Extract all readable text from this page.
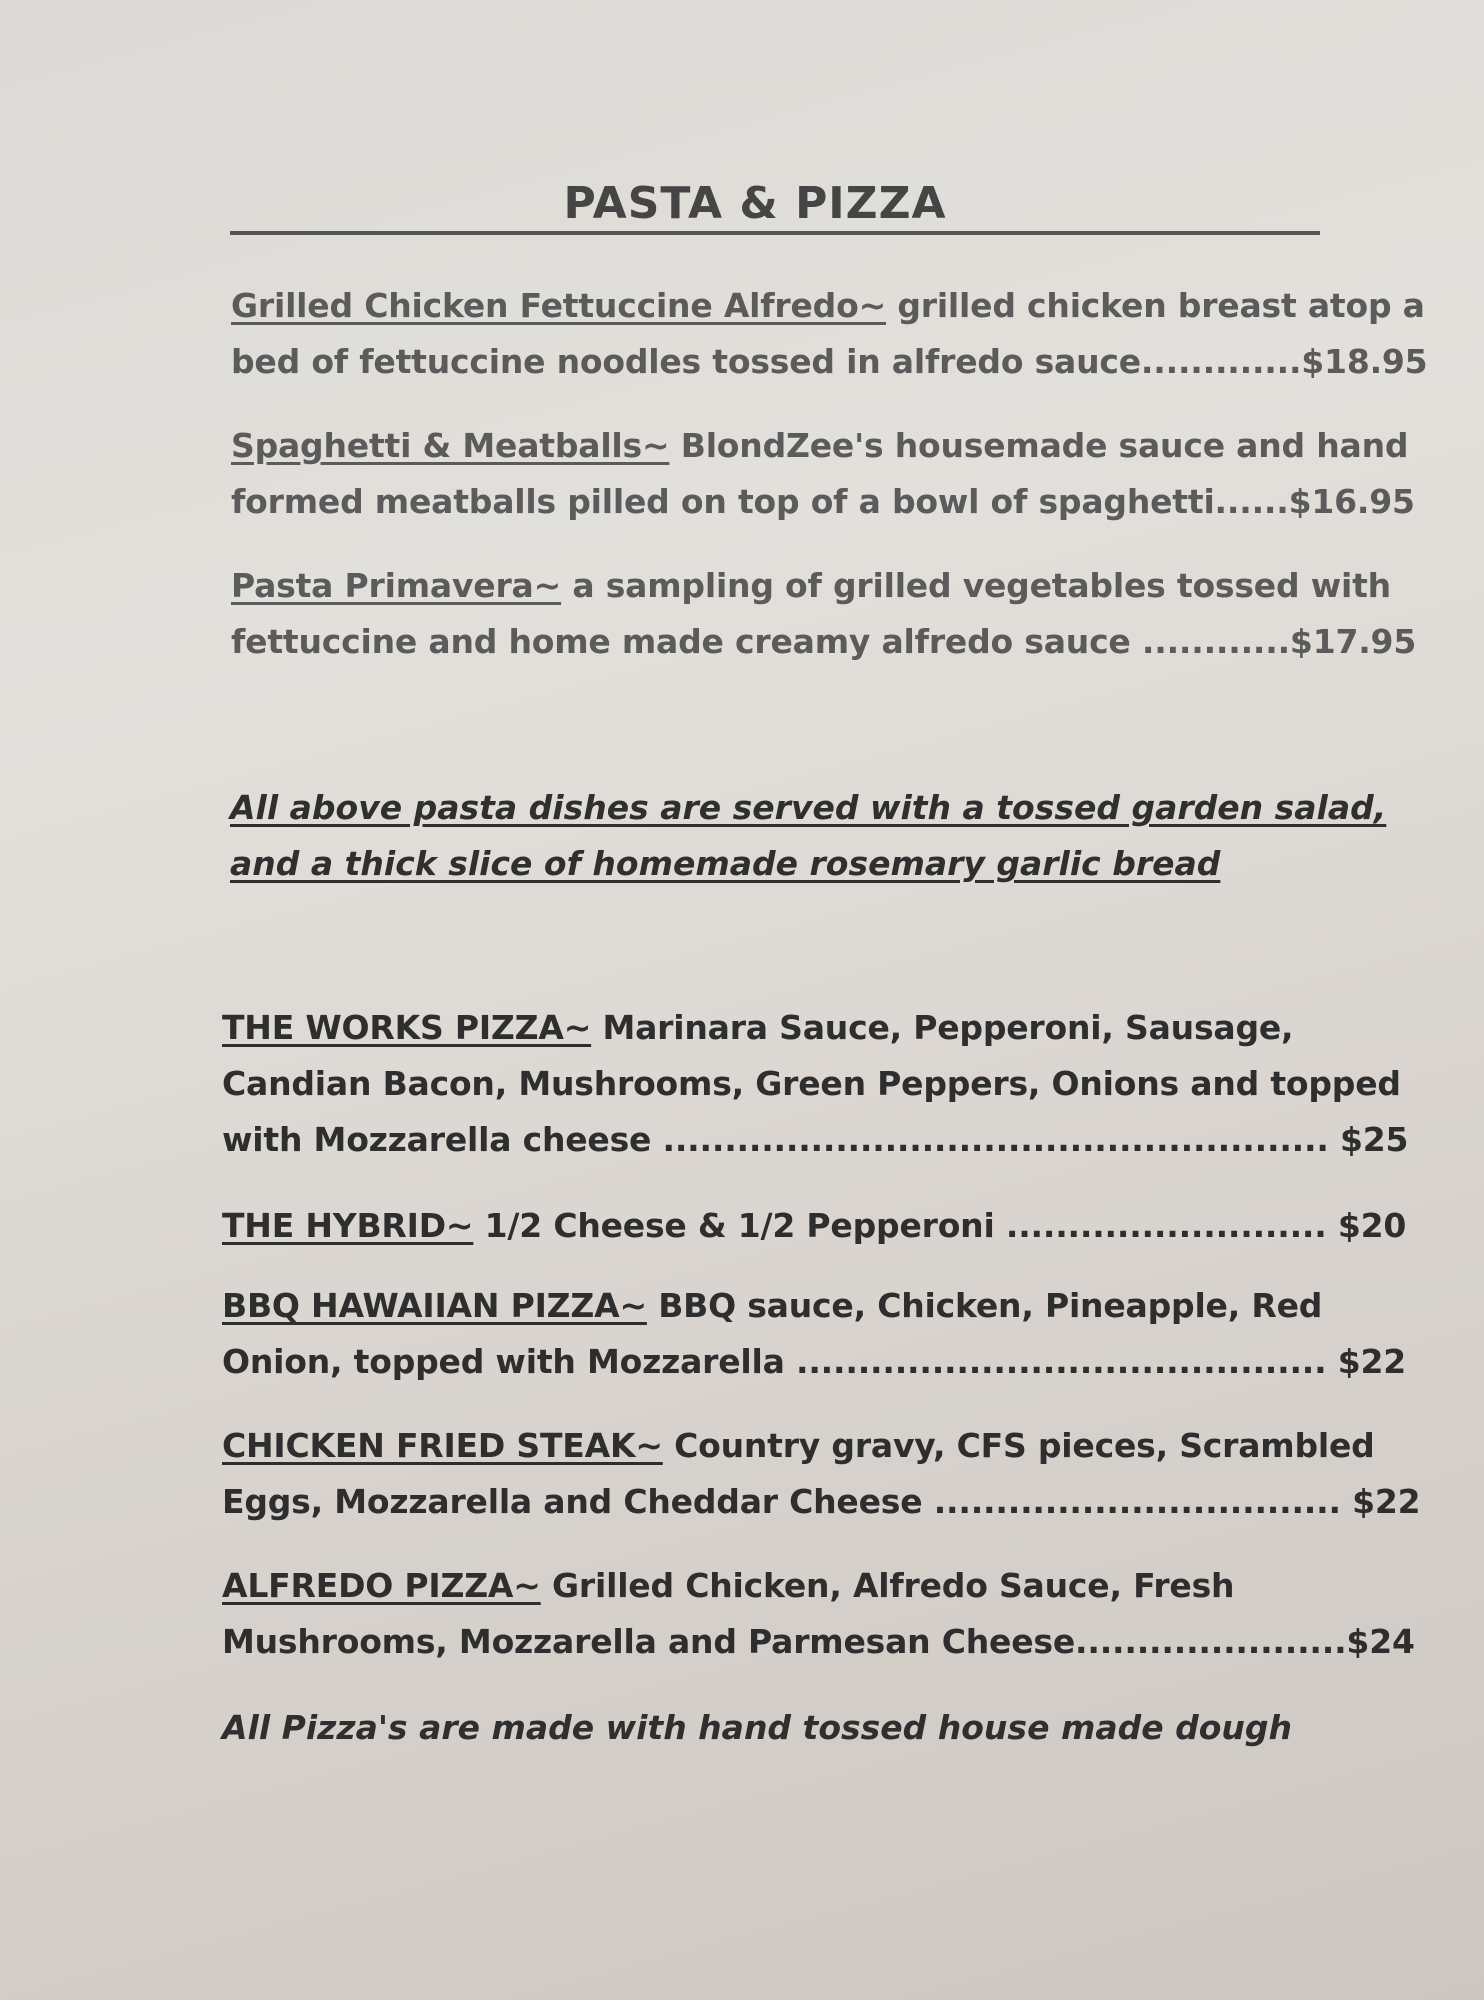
PASTA & PIZZA
Grilled Chicken Fettuccine Alfredo~ grilled chicken breast atop a
bed of fettuccine noodles tossed in alfredo sauce.............$18.95
Spaghetti & Meatballs~ BlondZee's housemade sauce and hand
formed meatballs pilled on top of a bowl of spaghetti......$16.95
Pasta Primavera~ a sampling of grilled vegetables tossed with
fettuccine and home made creamy alfredo sauce ............$17.95
All above pasta dishes are served with a tossed garden salad,
and a thick slice of homemade rosemary garlic bread
THE WORKS PIZZA~ Marinara Sauce, Pepperoni, Sausage,
Candian Bacon, Mushrooms, Green Peppers, Onions and topped
with Mozzarella cheese ...................................................... $25
THE HYBRID~ 1/2 Cheese & 1/2 Pepperoni .......................... $20
BBQ HAWAIIAN PIZZA~ BBQ sauce, Chicken, Pineapple, Red
Onion, topped with Mozzarella ........................................... $22
CHICKEN FRIED STEAK~ Country gravy, CFS pieces, Scrambled
Eggs, Mozzarella and Cheddar Cheese ................................. $22
ALFREDO PIZZA~ Grilled Chicken, Alfredo Sauce, Fresh
Mushrooms, Mozzarella and Parmesan Cheese......................$24
All Pizza's are made with hand tossed house made dough
